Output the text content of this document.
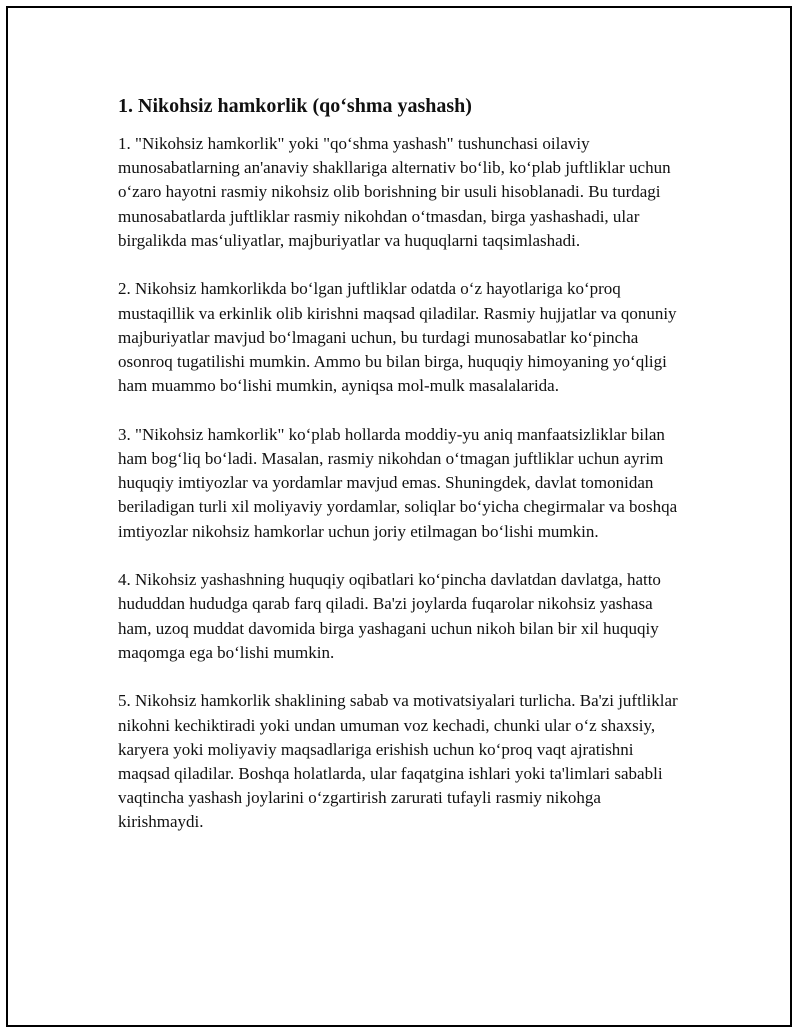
1. Nikohsiz hamkorlik (qoʻshma yashash)

1. "Nikohsiz hamkorlik" yoki "qoʻshma yashash" tushunchasi oilaviy munosabatlarning an'anaviy shakllariga alternativ boʻlib, koʻplab juftliklar uchun oʻzaro hayotni rasmiy nikohsiz olib borishning bir usuli hisoblanadi. Bu turdagi munosabatlarda juftliklar rasmiy nikohdan oʻtmasdan, birga yashashadi, ular birgalikda masʻuliyatlar, majburiyatlar va huquqlarni taqsimlashadi.

2. Nikohsiz hamkorlikda boʻlgan juftliklar odatda oʻz hayotlariga koʻproq mustaqillik va erkinlik olib kirishni maqsad qiladilar. Rasmiy hujjatlar va qonuniy majburiyatlar mavjud boʻlmagani uchun, bu turdagi munosabatlar koʻpincha osonroq tugatilishi mumkin. Ammo bu bilan birga, huquqiy himoyaning yoʻqligi ham muammo boʻlishi mumkin, ayniqsa mol-mulk masalalarida.

3. "Nikohsiz hamkorlik" koʻplab hollarda moddiy-yu aniq manfaatsizliklar bilan ham bogʻliq boʻladi. Masalan, rasmiy nikohdan oʻtmagan juftliklar uchun ayrim huquqiy imtiyozlar va yordamlar mavjud emas. Shuningdek, davlat tomonidan beriladigan turli xil moliyaviy yordamlar, soliqlar boʻyicha chegirmalar va boshqa imtiyozlar nikohsiz hamkorlar uchun joriy etilmagan boʻlishi mumkin.

4. Nikohsiz yashashning huquqiy oqibatlari koʻpincha davlatdan davlatga, hatto hududdan hududga qarab farq qiladi. Ba'zi joylarda fuqarolar nikohsiz yashasa ham, uzoq muddat davomida birga yashagani uchun nikoh bilan bir xil huquqiy maqomga ega boʻlishi mumkin.

5. Nikohsiz hamkorlik shaklining sabab va motivatsiyalari turlicha. Ba'zi juftliklar nikohni kechiktiradi yoki undan umuman voz kechadi, chunki ular oʻz shaxsiy, karyera yoki moliyaviy maqsadlariga erishish uchun koʻproq vaqt ajratishni maqsad qiladilar. Boshqa holatlarda, ular faqatgina ishlari yoki ta'limlari sababli vaqtincha yashash joylarini oʻzgartirish zarurati tufayli rasmiy nikohga kirishmaydi.
